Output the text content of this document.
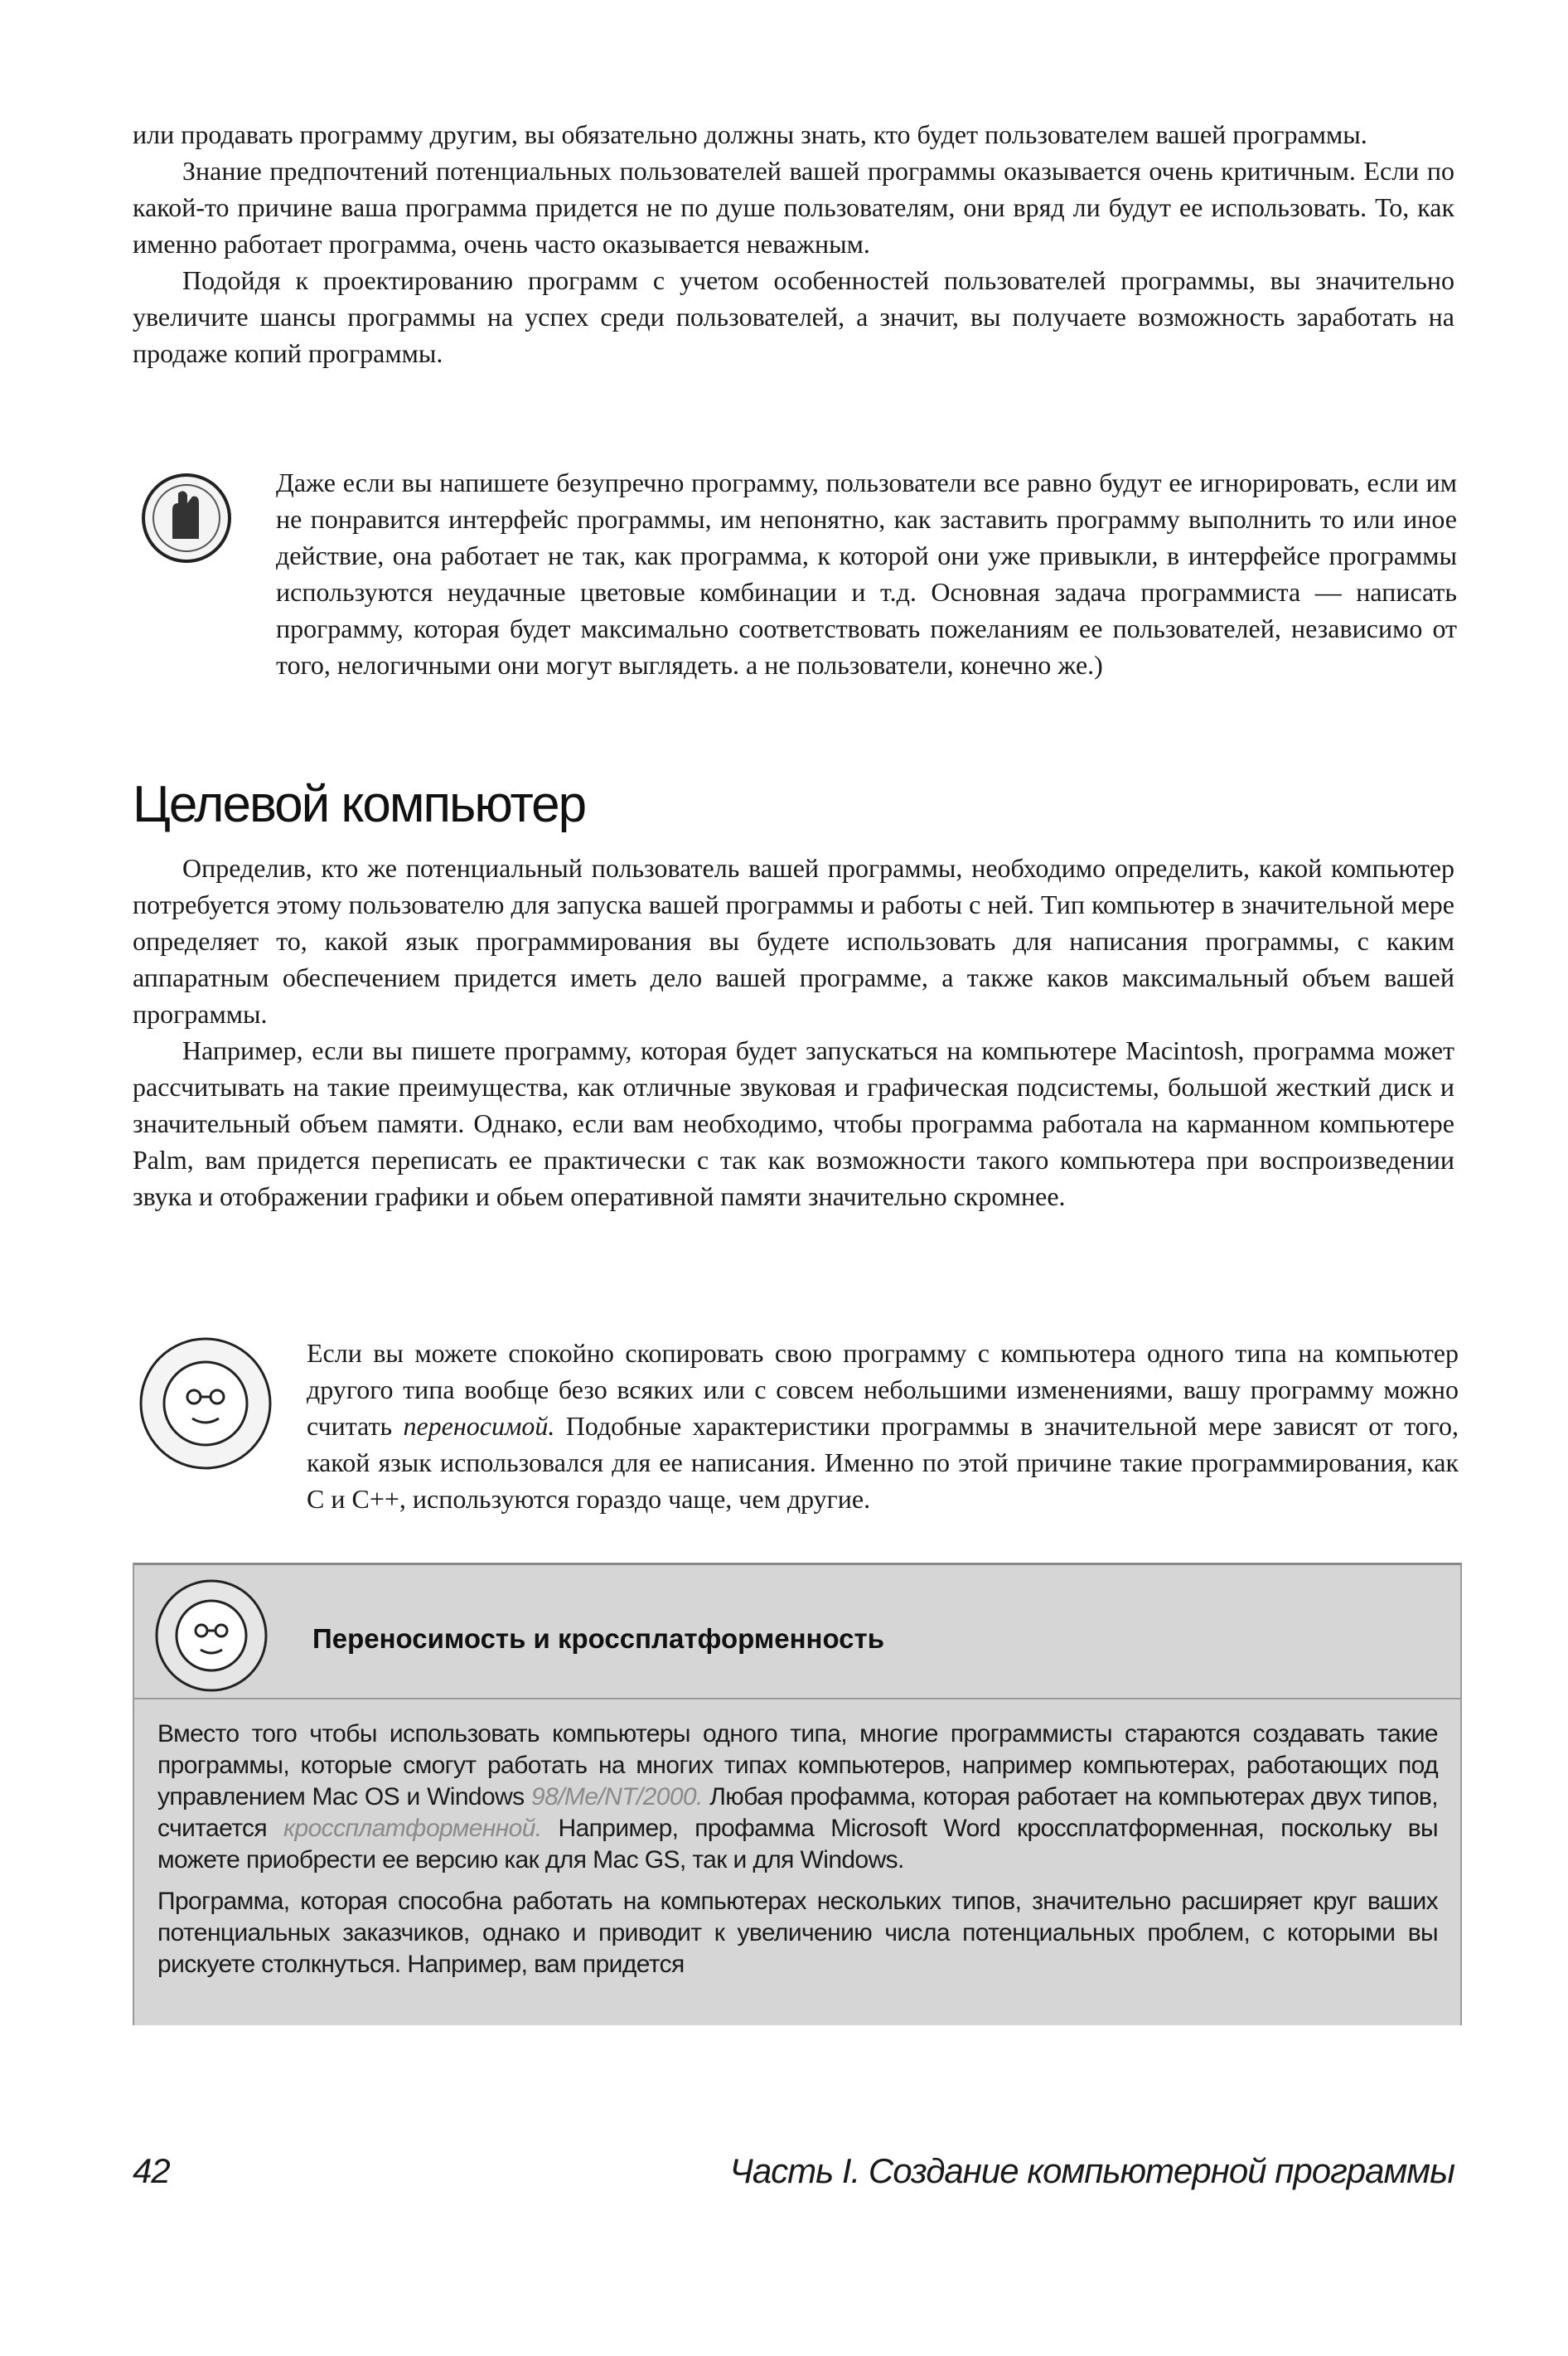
или продавать программу другим, вы обязательно должны знать, кто будет пользователем вашей программы.

Знание предпочтений потенциальных пользователей вашей программы оказывается очень критичным. Если по какой-то причине ваша программа придется не по душе пользователям, они вряд ли будут ее использовать. То, как именно работает программа, очень часто оказывается неважным.

Подойдя к проектированию программ с учетом особенностей пользователей программы, вы значительно увеличите шансы программы на успех среди пользователей, а значит, вы получаете возможность заработать на продаже копий программы.

Даже если вы напишете безупречно программу, пользователи все равно будут ее игнорировать, если им не понравится интерфейс программы, им непонятно, как заставить программу выполнить то или иное действие, она работает не так, как программа, к которой они уже привыкли, в интерфейсе программы используются неудачные цветовые комбинации и т.д. Основная задача программиста — написать программу, которая будет максимально соответствовать пожеланиям ее пользователей, независимо от того, нелогичными они могут выглядеть. а не пользователи, конечно же.)

Целевой компьютер

Определив, кто же потенциальный пользователь вашей программы, необходимо определить, какой компьютер потребуется этому пользователю для запуска вашей программы и работы с ней. Тип компьютер в значительной мере определяет то, какой язык программирования вы будете использовать для написания программы, с каким аппаратным обеспечением придется иметь дело вашей программе, а также каков максимальный объем вашей программы.

Например, если вы пишете программу, которая будет запускаться на компьютере Macintosh, программа может рассчитывать на такие преимущества, как отличные звуковая и графическая подсистемы, большой жесткий диск и значительный объем памяти. Однако, если вам необходимо, чтобы программа работала на карманном компьютере Palm, вам придется переписать ее практически с так как возможности такого компьютера при воспроизведении звука и отображении графики и обьем оперативной памяти значительно скромнее.

Если вы можете спокойно скопировать свою программу с компьютера одного типа на компьютер другого типа вообще безо всяких или с совсем небольшими изменениями, вашу программу можно считать переносимой. Подобные характеристики программы в значительной мере зависят от того, какой язык использовался для ее написания. Именно по этой причине такие программирования, как С и С++, используются гораздо чаще, чем другие.

Переносимость и кроссплатформенность

Вместо того чтобы использовать компьютеры одного типа, многие программисты стараются создавать такие программы, которые смогут работать на многих типах компьютеров, например компьютерах, работающих под управлением Mac OS и Windows 98/Me/NT/2000. Любая профамма, которая работает на компьютерах двух типов, считается кроссплатформенной. Например, профамма Microsoft Word кроссплатформенная, поскольку вы можете приобрести ее версию как для Mac GS, так и для Windows.

Программа, которая способна работать на компьютерах нескольких типов, значительно расширяет круг ваших потенциальных заказчиков, однако и приводит к увеличению числа потенциальных проблем, с которыми вы рискуете столкнуться. Например, вам придется

42	Часть I. Создание компьютерной программы
